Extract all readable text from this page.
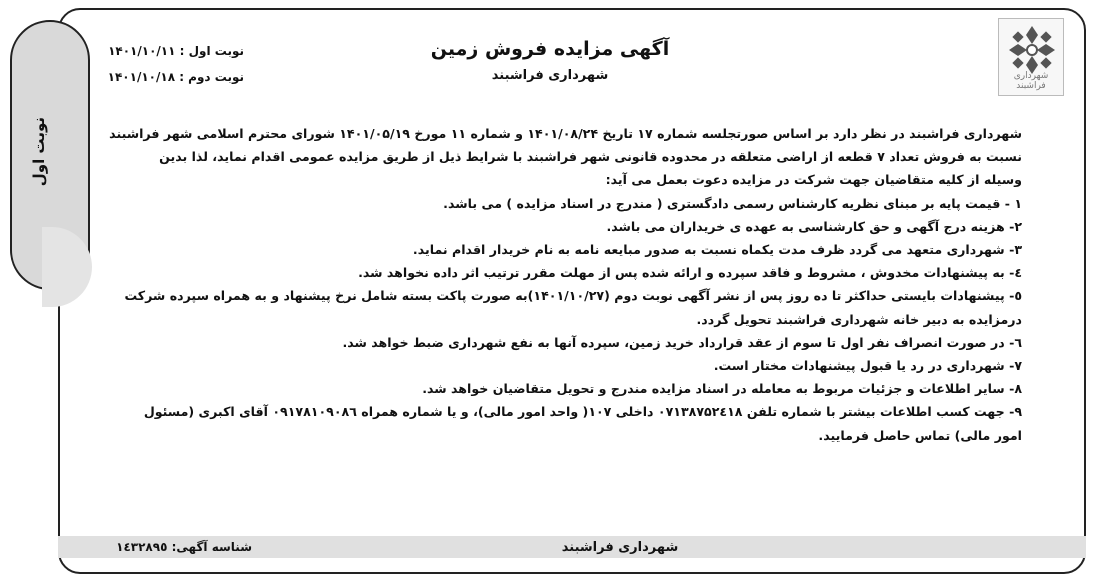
نوبت اول
شهرداری فراشبند
آگهی مزایده فروش زمین
شهرداری فراشبند
نوبت اول : ۱۴۰۱/۱۰/۱۱
نوبت دوم : ۱۴۰۱/۱۰/۱۸

شهرداری فراشبند در نظر دارد بر اساس صورتجلسه شماره ۱۷ تاریخ ۱۴۰۱/۰۸/۲۴ و شماره ۱۱ مورخ ۱۴۰۱/۰۵/۱۹ شورای محترم اسلامی شهر فراشبند

نسبت به فروش تعداد ۷ قطعه از اراضی متعلقه در محدوده قانونی شهر فراشبند با شرایط ذیل از طریق مزایده عمومی اقدام نماید، لذا بدین

وسیله از کلیه متقاضیان جهت شرکت در مزایده دعوت بعمل می آید:

۱ - قیمت پایه بر مبنای نظریه کارشناس رسمی دادگستری ( مندرج در اسناد مزایده ) می باشد.

۲- هزینه درج آگهی و حق کارشناسی به عهده ی خریداران می باشد.

۳- شهرداری متعهد می گردد ظرف مدت یکماه نسبت به صدور مبایعه نامه به نام خریدار اقدام نماید.

٤- به پیشنهادات مخدوش ، مشروط و فاقد سپرده و ارائه شده پس از مهلت مقرر ترتیب اثر داده نخواهد شد.

٥- پیشنهادات بایستی حداکثر تا ده روز پس از نشر آگهی نوبت دوم (۱۴۰۱/۱۰/۲۷)به صورت پاکت بسته شامل نرخ پیشنهاد و به همراه سپرده شرکت

درمزایده به دبیر خانه شهرداری فراشبند تحویل گردد.

٦- در صورت انصراف نفر اول تا سوم از عقد قرارداد خرید زمین، سپرده آنها به نفع شهرداری ضبط خواهد شد.

۷- شهرداری در رد یا قبول پیشنهادات مختار است.

۸- سایر اطلاعات و جزئیات مربوط به معامله در اسناد مزایده مندرج و تحویل متقاضیان خواهد شد.

۹- جهت کسب اطلاعات بیشتر با شماره تلفن ۰۷۱۳۸۷۵۲٤۱۸ داخلی ۱۰۷( واحد امور مالی)، و یا شماره همراه ۰۹۱۷۸۱۰۹۰۸٦ آقای اکبری (مسئول

امور مالی) تماس حاصل فرمایید.

شهرداری فراشبند
شناسه آگهی: ۱٤۳۲۸۹٥
